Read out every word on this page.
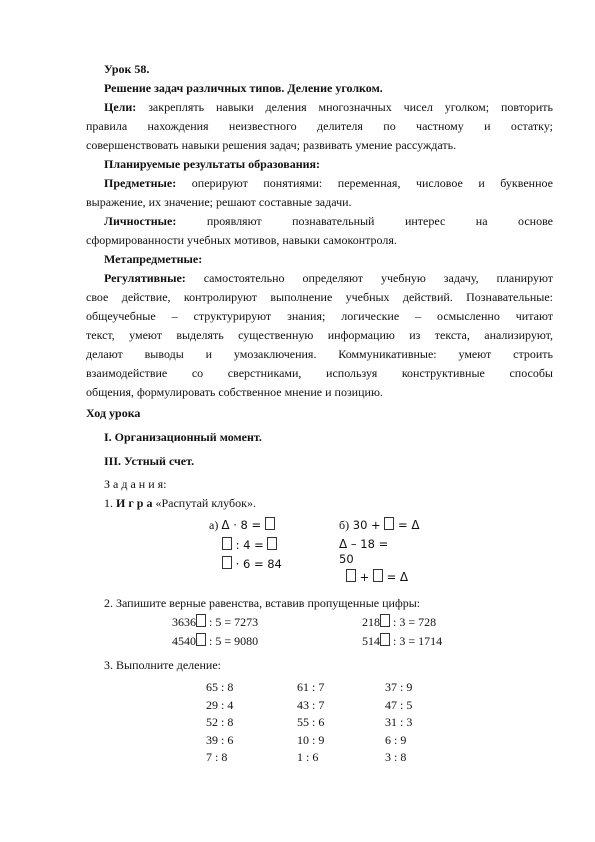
Урок 58.
Решение задач различных типов. Деление уголком.
Цели: закреплять навыки деления многозначных чисел уголком; повторить
правила нахождения неизвестного делителя по частному и остатку;
совершенствовать навыки решения задач; развивать умение рассуждать.
Планируемые результаты образования:
Предметные: оперируют понятиями: переменная, числовое и буквенное
выражение, их значение; решают составные задачи.
Личностные: проявляют познавательный интерес на основе
сформированности учебных мотивов, навыки самоконтроля.
Метапредметные:
Регулятивные: самостоятельно определяют учебную задачу, планируют
свое действие, контролируют выполнение учебных действий. Познавательные:
общеучебные – структурируют знания; логические – осмысленно читают
текст, умеют выделять существенную информацию из текста, анализируют,
делают выводы и умозаключения. Коммуникативные: умеют строить
взаимодействие со сверстниками, используя конструктивные способы
общения, формулировать собственное мнение и позицию.
Ход урока
I. Организационный момент.
III. Устный счет.
З а д а н и я:
1. И г р а «Распутай клубок».
а) Δ · 8 =
: 4 =
· 6 = 84
б) 30 +  = Δ
Δ – 18 =
50
+  = Δ
2. Запишите верные равенства, вставив пропущенные цифры:
3636 : 5 = 7273	218 : 3 = 728
4540 : 5 = 9080	514 : 3 = 1714
3. Выполните деление:
65 : 8
29 : 4
52 : 8
39 : 6
7 : 8
61 : 7
43 : 7
55 : 6
10 : 9
1 : 6
37 : 9
47 : 5
31 : 3
6 : 9
3 : 8
